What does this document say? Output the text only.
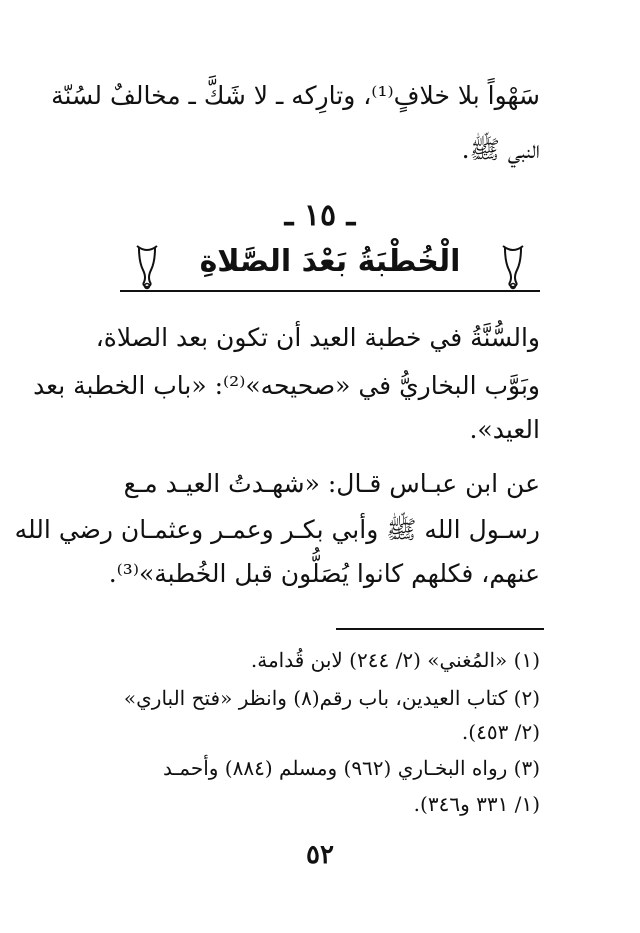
سَهْواً بلا خلافٍ⁽¹⁾، وتارِكه ـ لا شَكَّ ـ مخالفٌ لسُنّة
النبي ﷺ.
ـ ١٥ ـ
الْخُطْبَةُ بَعْدَ الصَّلاةِ
والسُّنَّةُ في خطبة العيد أن تكون بعد الصلاة،
وبَوَّب البخاريُّ في «صحيحه»⁽²⁾: «باب الخطبة بعد
العيد».
عن ابن عبـاس قـال: «شهـدتُ العيـد مـع
رسـول الله ﷺ وأبي بكـر وعمـر وعثمـان رضي الله
عنهم، فكلهم كانوا يُصَلُّون قبل الخُطبة»⁽³⁾.
(١) «المُغني» (٢/ ٢٤٤) لابن قُدامة.
(٢) كتاب العيدين، باب رقم(٨) وانظر «فتح الباري»
(٢/ ٤٥٣).
(٣) رواه البخـاري (٩٦٢) ومسلم (٨٨٤) وأحمـد
(١/ ٣٣١ و٣٤٦).
٥٢
